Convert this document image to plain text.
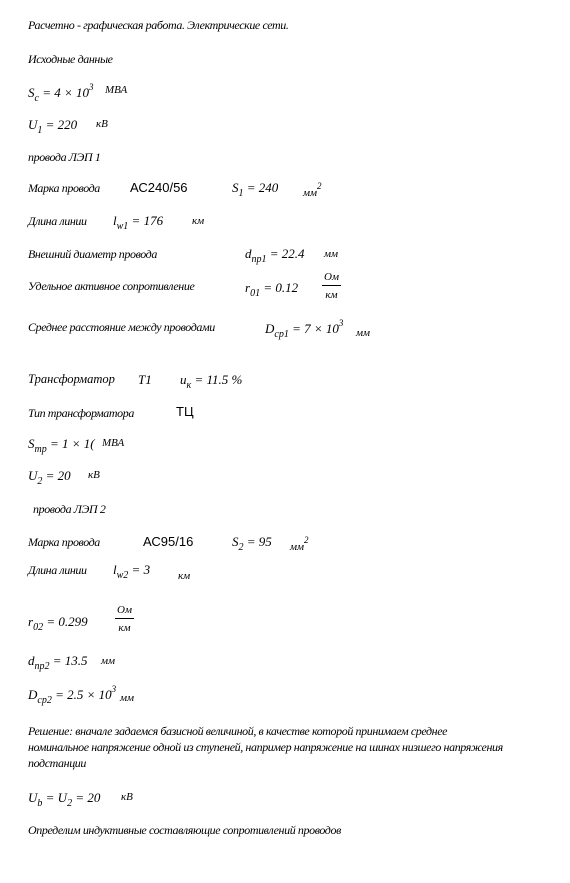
Расчетно - графическая работа. Электрические сети.
Исходные данные
$S_c = 4 \times 10^3$ МВА
$U_1 = 220$ кВ
провода ЛЭП 1
Марка провода АС240/56	$S_1 = 240$ $мм^2$
Длина линии $l_{w1} = 176$	км
Внешний диаметр провода	$d_{пр1} = 22.4$ мм
Удельное активное сопротивление	$r_{01} = 0.12$
Ом
км
Среднее расстояние между проводами	$D_{ср1} = 7 \times 10^3$
мм
Трансформатор Т1 $u_к = 11.5$ %
Тип трансформатора	ТЦ
$S_{тр} = 1 \times 1$( МВА
$U_2 = 20$ кВ
провода ЛЭП 2
Марка провода	АС95/16	$S_2 = 95$ $мм^2$
Длина линии $l_{w2} = 3$	км
$r_{02} = 0.299$
Ом
км
$d_{пр2} = 13.5$ мм
$D_{ср2} = 2.5 \times 10^3$
мм
Решение: вначале задаемся базисной величиной, в качестве которой принимаем среднее
номинальное напряжение одной из ступеней, например напряжение на шинах низшего напряжения
подстанции
$U_b = U_2 = 20$ кВ
Определим индуктивные составляющие сопротивлений проводов
